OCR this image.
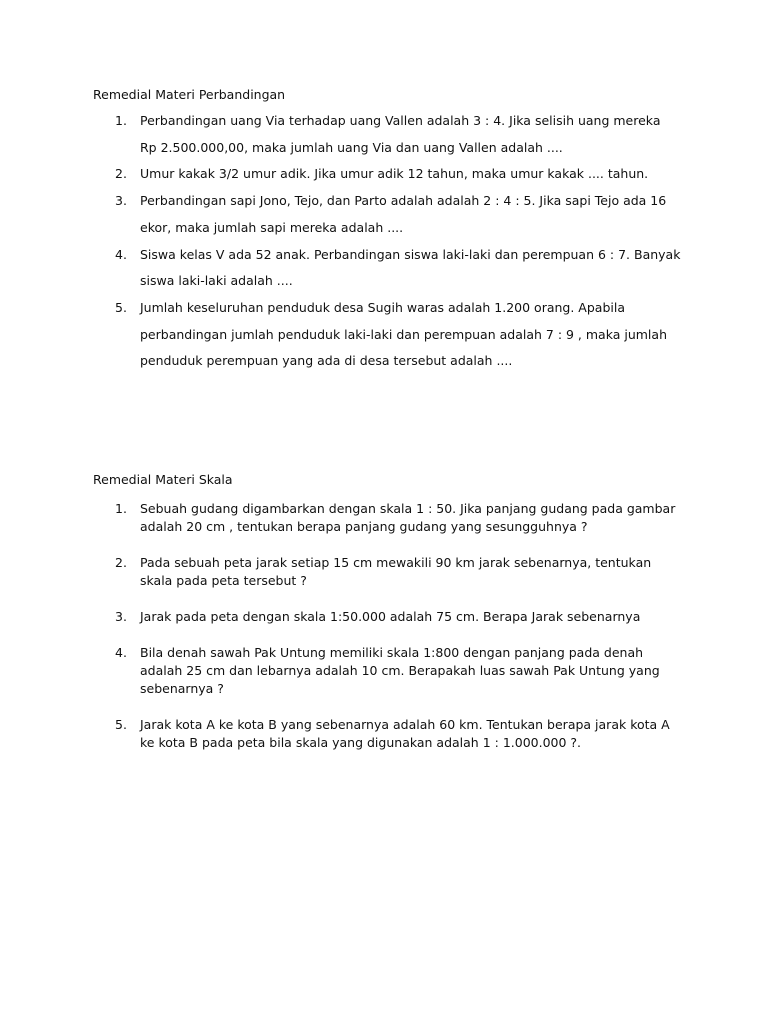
Remedial Materi Perbandingan
1. Perbandingan uang Via terhadap uang Vallen adalah 3 : 4. Jika selisih uang mereka
Rp 2.500.000,00, maka jumlah uang Via dan uang Vallen adalah ....
2. Umur kakak 3/2 umur adik. Jika umur adik 12 tahun, maka umur kakak .... tahun.
3. Perbandingan sapi Jono, Tejo, dan Parto adalah adalah 2 : 4 : 5. Jika sapi Tejo ada 16
ekor, maka jumlah sapi mereka adalah ....
4. Siswa kelas V ada 52 anak. Perbandingan siswa laki-laki dan perempuan 6 : 7. Banyak
siswa laki-laki adalah ....
5. Jumlah keseluruhan penduduk desa Sugih waras adalah 1.200 orang. Apabila
perbandingan jumlah penduduk laki-laki dan perempuan adalah 7 : 9 , maka jumlah
penduduk perempuan yang ada di desa tersebut adalah ....
Remedial Materi Skala
1. Sebuah gudang digambarkan dengan skala 1 : 50. Jika panjang gudang pada gambar
adalah 20 cm , tentukan berapa panjang gudang yang sesungguhnya ?
2. Pada sebuah peta jarak setiap 15 cm mewakili 90 km jarak sebenarnya, tentukan
skala pada peta tersebut ?
3. Jarak pada peta dengan skala 1:50.000 adalah 75 cm. Berapa Jarak sebenarnya
4. Bila denah sawah Pak Untung memiliki skala 1:800 dengan panjang pada denah
adalah 25 cm dan lebarnya adalah 10 cm. Berapakah luas sawah Pak Untung yang
sebenarnya ?
5. Jarak kota A ke kota B yang sebenarnya adalah 60 km. Tentukan berapa jarak kota A
ke kota B pada peta bila skala yang digunakan adalah 1 : 1.000.000 ?.
